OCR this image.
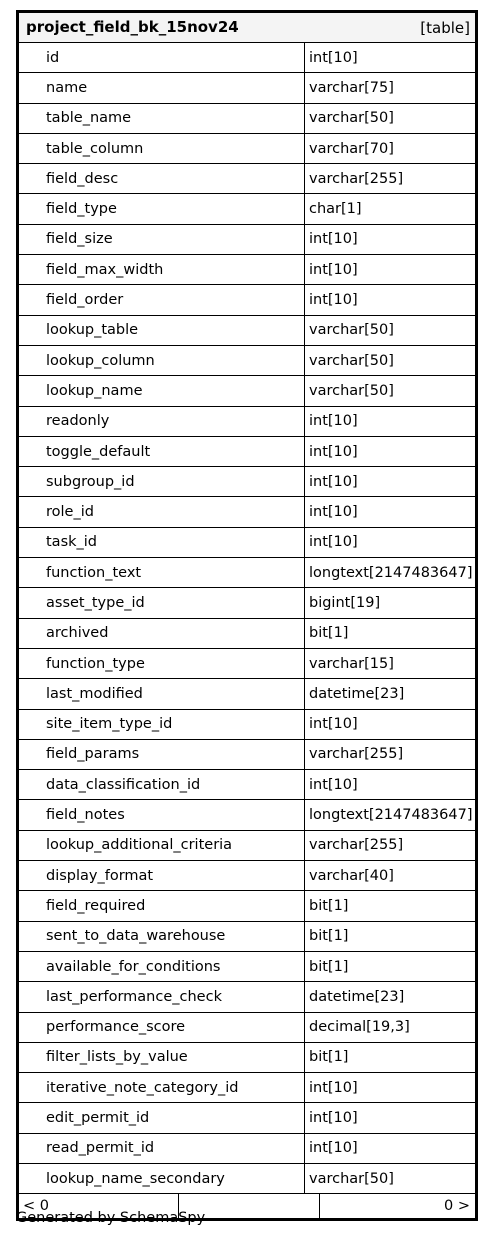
project_field_bk_15nov24	[table]
id	int[10]
name	varchar[75]
table_name	varchar[50]
table_column	varchar[70]
field_desc	varchar[255]
field_type	char[1]
field_size	int[10]
field_max_width	int[10]
field_order	int[10]
lookup_table	varchar[50]
lookup_column	varchar[50]
lookup_name	varchar[50]
readonly	int[10]
toggle_default	int[10]
subgroup_id	int[10]
role_id	int[10]
task_id	int[10]
function_text	longtext[2147483647]
asset_type_id	bigint[19]
archived	bit[1]
function_type	varchar[15]
last_modified	datetime[23]
site_item_type_id	int[10]
field_params	varchar[255]
data_classification_id	int[10]
field_notes	longtext[2147483647]
lookup_additional_criteria	varchar[255]
display_format	varchar[40]
field_required	bit[1]
sent_to_data_warehouse	bit[1]
available_for_conditions	bit[1]
last_performance_check	datetime[23]
performance_score	decimal[19,3]
filter_lists_by_value	bit[1]
iterative_note_category_id	int[10]
edit_permit_id	int[10]
read_permit_id	int[10]
lookup_name_secondary	varchar[50]
< 0	0 >
Generated by SchemaSpy
